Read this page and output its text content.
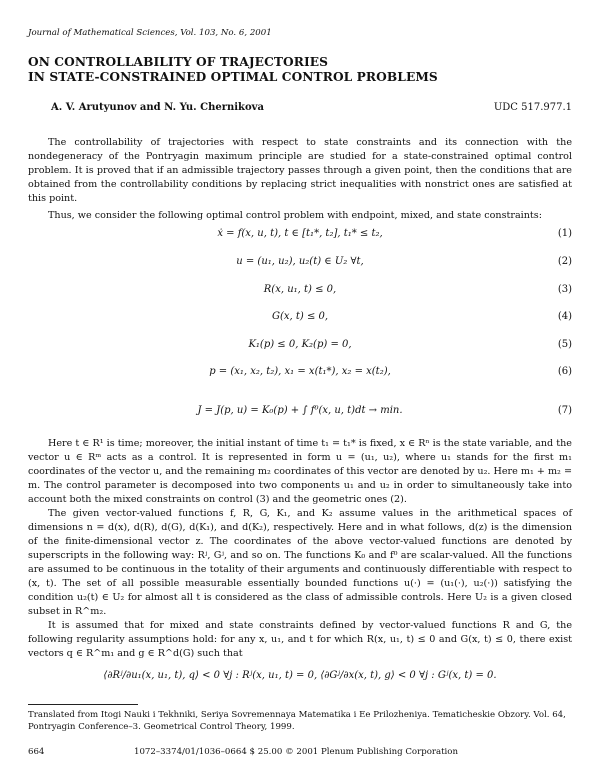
Journal of Mathematical Sciences, Vol. 103, No. 6, 2001
ON CONTROLLABILITY OF TRAJECTORIES
IN STATE-CONSTRAINED OPTIMAL CONTROL PROBLEMS
A. V. Arutyunov and N. Yu. Chernikova	UDC 517.977.1
The controllability of trajectories with respect to state constraints and its connection with the nondegeneracy of the Pontryagin maximum principle are studied for a state-constrained optimal control problem. It is proved that if an admissible trajectory passes through a given point, then the conditions that are obtained from the controllability conditions by replacing strict inequalities with nonstrict ones are satisfied at this point.
Thus, we consider the following optimal control problem with endpoint, mixed, and state constraints:
ẋ = f(x, u, t), t ∈ [t₁*, t₂], t₁* ≤ t₂,	(1)
u = (u₁, u₂), u₂(t) ∈ U₂ ∀t,	(2)
R(x, u₁, t) ≤ 0,	(3)
G(x, t) ≤ 0,	(4)
K₁(p) ≤ 0, K₂(p) = 0,	(5)
p = (x₁, x₂, t₂), x₁ = x(t₁*), x₂ = x(t₂),	(6)
J = J(p, u) = K₀(p) + ∫ f⁰(x, u, t)dt → min.	(7)

Here t ∈ R¹ is time; moreover, the initial instant of time t₁ = t₁* is fixed, x ∈ Rⁿ is the state variable, and the vector u ∈ Rᵐ acts as a control. It is represented in form u = (u₁, u₂), where u₁ stands for the first m₁ coordinates of the vector u, and the remaining m₂ coordinates of this vector are denoted by u₂. Here m₁ + m₂ = m. The control parameter is decomposed into two components u₁ and u₂ in order to simultaneously take into account both the mixed constraints on control (3) and the geometric ones (2).

The given vector-valued functions f, R, G, K₁, and K₂ assume values in the arithmetical spaces of dimensions n = d(x), d(R), d(G), d(K₁), and d(K₂), respectively. Here and in what follows, d(z) is the dimension of the finite-dimensional vector z. The coordinates of the above vector-valued functions are denoted by superscripts in the following way: Rʲ, Gʲ, and so on. The functions K₀ and f⁰ are scalar-valued. All the functions are assumed to be continuous in the totality of their arguments and continuously differentiable with respect to (x, t). The set of all possible measurable essentially bounded functions u(·) = (u₁(·), u₂(·)) satisfying the condition u₂(t) ∈ U₂ for almost all t is considered as the class of admissible controls. Here U₂ is a given closed subset in R^m₂.

It is assumed that for mixed and state constraints defined by vector-valued functions R and G, the following regularity assumptions hold: for any x, u₁, and t for which R(x, u₁, t) ≤ 0 and G(x, t) ≤ 0, there exist vectors q ∈ R^m₁ and g ∈ R^d(G) such that

⟨∂Rʲ/∂u₁(x, u₁, t), q⟩ < 0 ∀j : Rʲ(x, u₁, t) = 0, ⟨∂Gʲ/∂x(x, t), g⟩ < 0 ∀j : Gʲ(x, t) = 0.
Translated from Itogi Nauki i Tekhniki, Seriya Sovremennaya Matematika i Ee Prilozheniya. Tematicheskie Obzory. Vol. 64, Pontryagin Conference–3. Geometrical Control Theory, 1999.
664	1072–3374/01/1036–0664 $ 25.00 © 2001 Plenum Publishing Corporation
